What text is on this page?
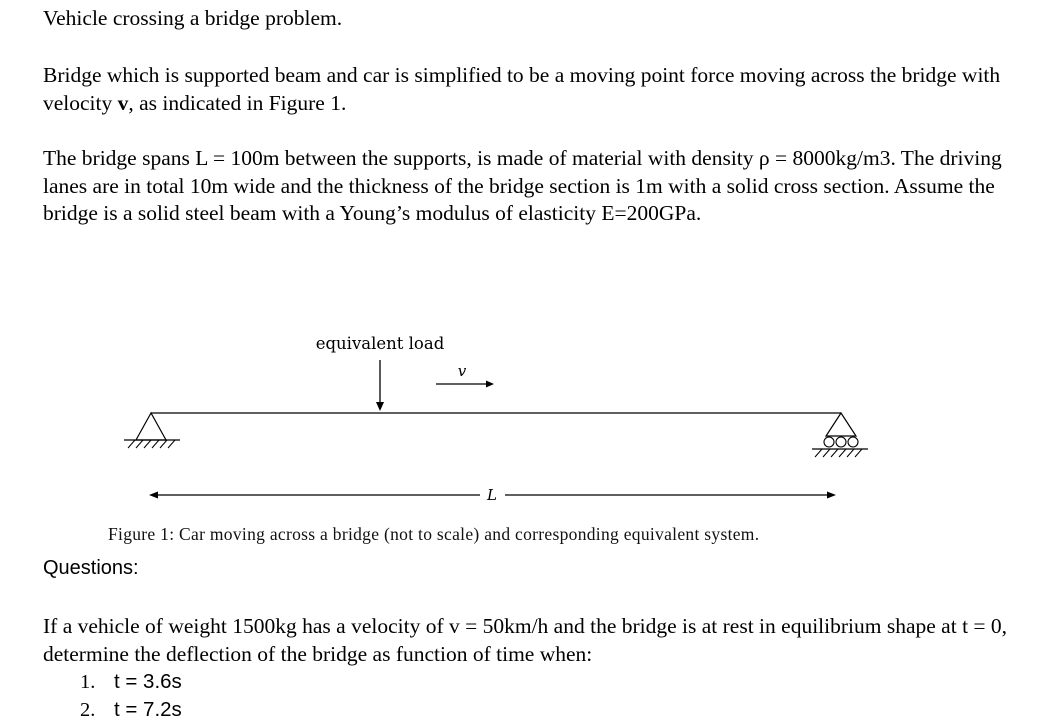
Vehicle crossing a bridge problem.

Bridge which is supported beam and car is simplified to be a moving point force moving across the bridge with velocity v, as indicated in Figure 1.

The bridge spans L = 100m between the supports, is made of material with density ρ = 8000kg/m3. The driving lanes are in total 10m wide and the thickness of the bridge section is 1m with a solid cross section. Assume the bridge is a solid steel beam with a Young’s modulus of elasticity E=200GPa.

equivalent load
v
L
Figure 1: Car moving across a bridge (not to scale) and corresponding equivalent system.
Questions:

If a vehicle of weight 1500kg has a velocity of v = 50km/h and the bridge is at rest in equilibrium shape at t = 0, determine the deflection of the bridge as function of time when:

1. t = 3.6s
2. t = 7.2s
